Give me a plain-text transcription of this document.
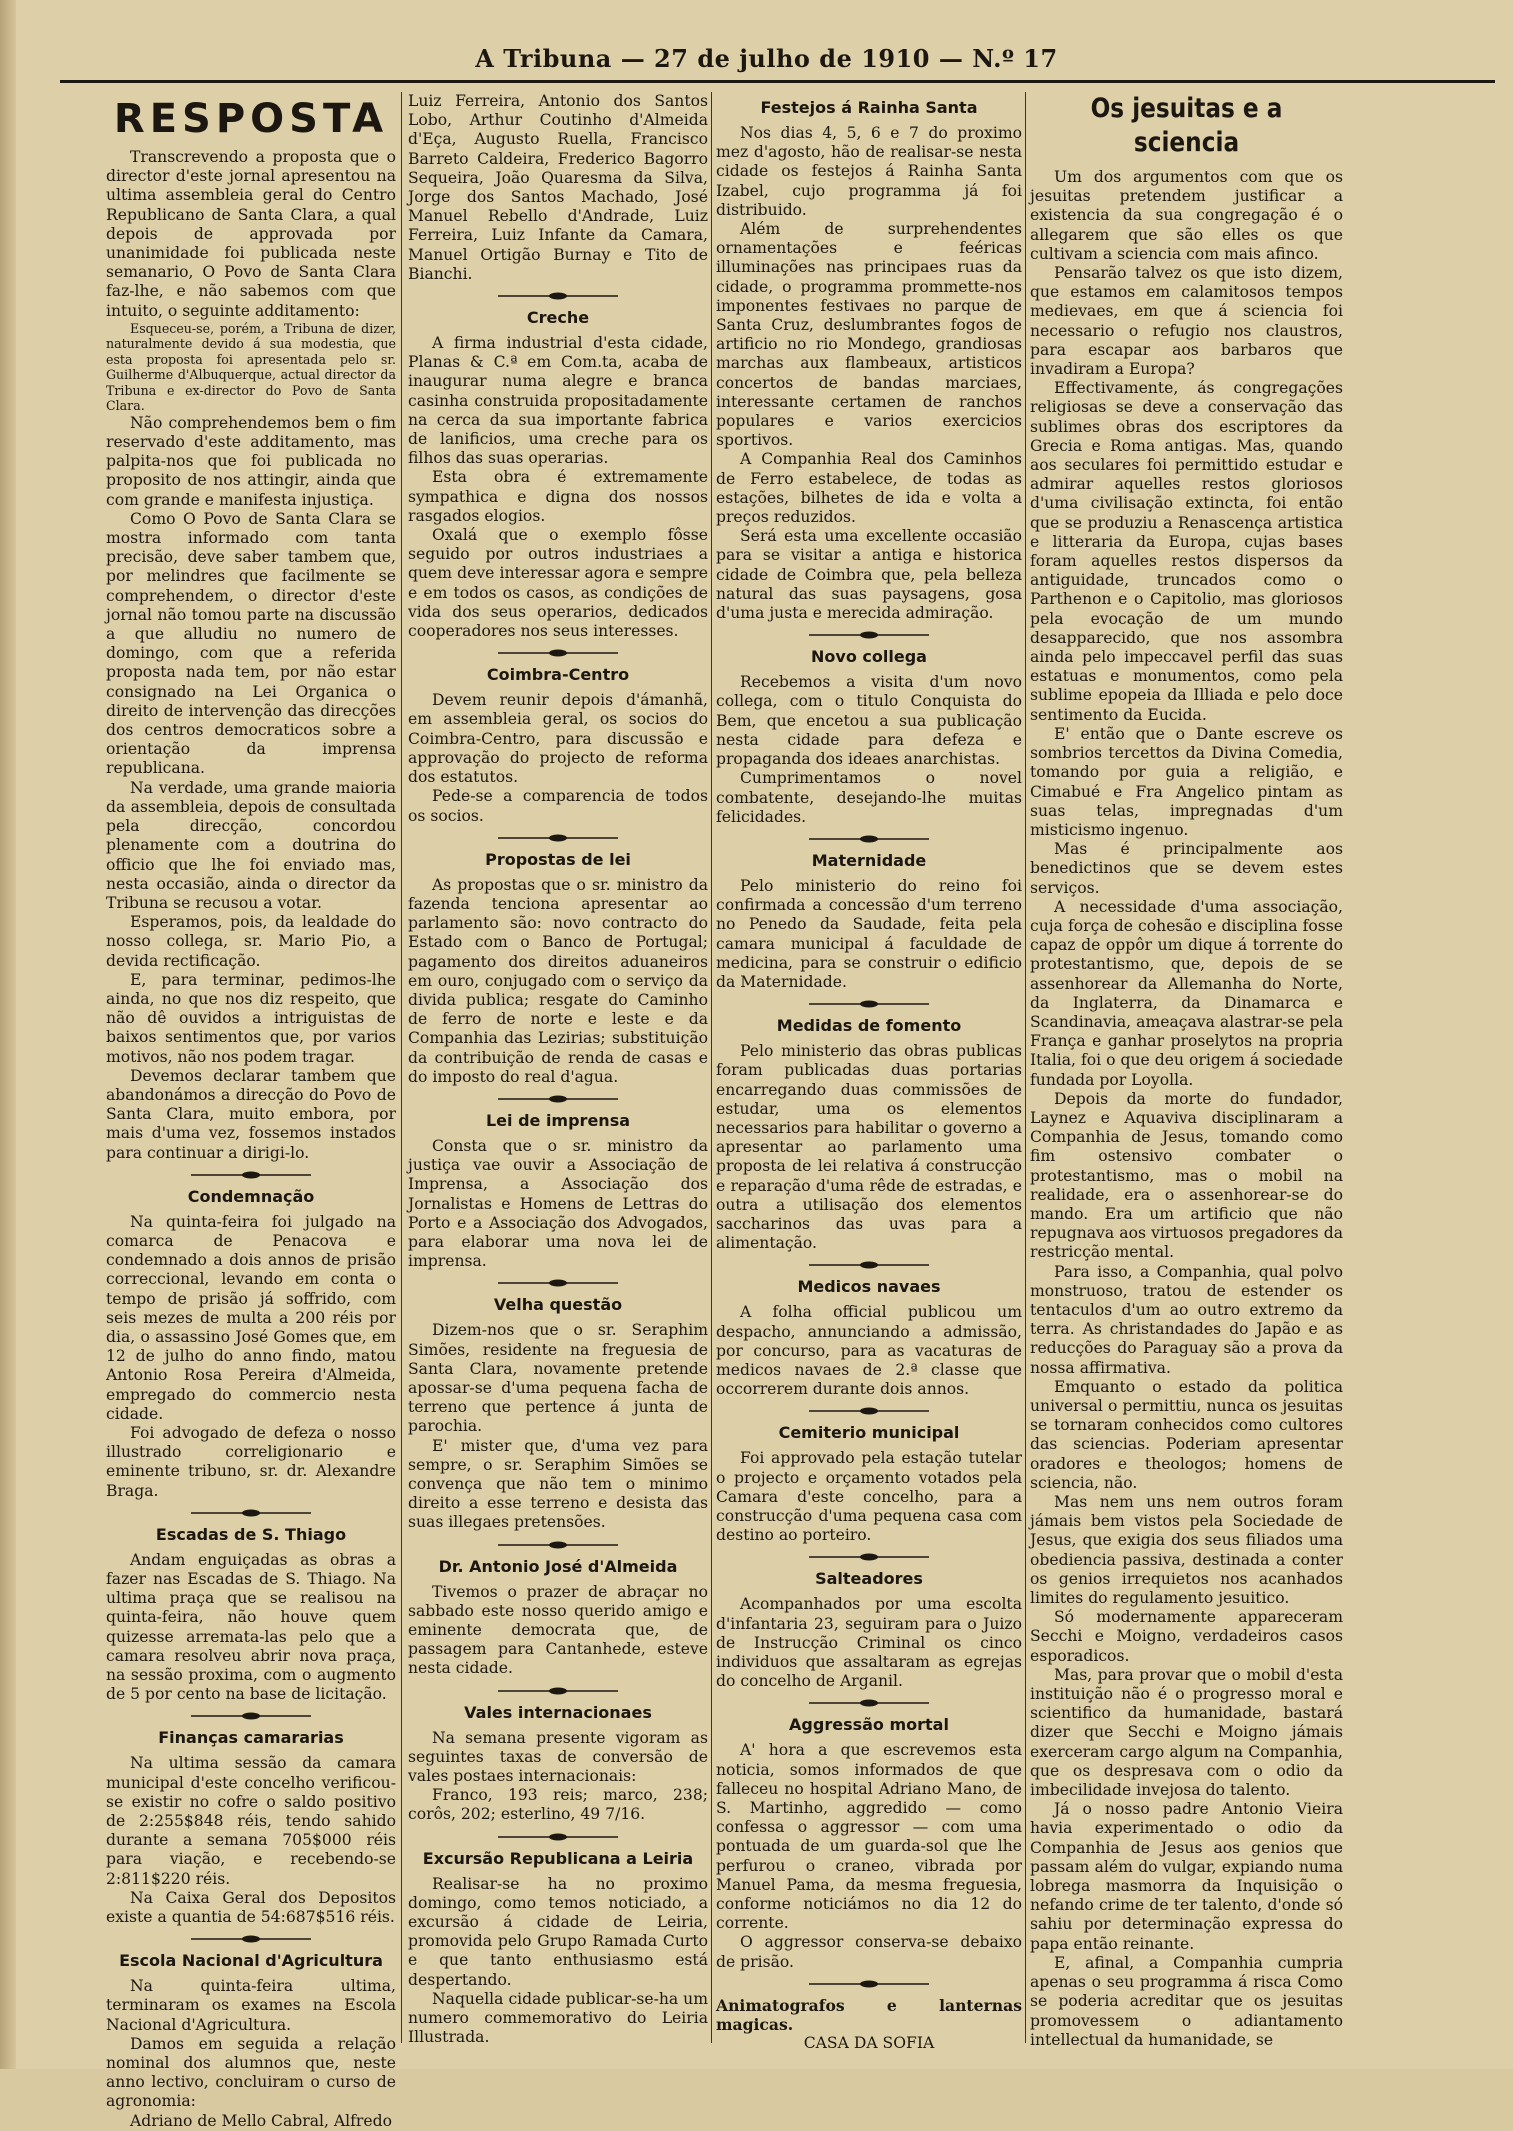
A Tribuna — 27 de julho de 1910 — N.º 17
RESPOSTA

Transcrevendo a proposta que o director d'este jornal apresentou na ultima assembleia geral do Centro Republicano de Santa Clara, a qual depois de approvada por unanimidade foi publicada neste semanario, O Povo de Santa Clara faz-lhe, e não sabemos com que intuito, o seguinte additamento:

Esqueceu-se, porém, a Tribuna de dizer, naturalmente devido á sua modestia, que esta proposta foi apresentada pelo sr. Guilherme d'Albuquerque, actual director da Tribuna e ex-director do Povo de Santa Clara.

Não comprehendemos bem o fim reservado d'este additamento, mas palpita-nos que foi publicada no proposito de nos attingir, ainda que com grande e manifesta injustiça.

Como O Povo de Santa Clara se mostra informado com tanta precisão, deve saber tambem que, por melindres que facilmente se comprehendem, o director d'este jornal não tomou parte na discussão a que alludiu no numero de domingo, com que a referida proposta nada tem, por não estar consignado na Lei Organica o direito de intervenção das direcções dos centros democraticos sobre a orientação da imprensa republicana.

Na verdade, uma grande maioria da assembleia, depois de consultada pela direcção, concordou plenamente com a doutrina do officio que lhe foi enviado mas, nesta occasião, ainda o director da Tribuna se recusou a votar.

Esperamos, pois, da lealdade do nosso collega, sr. Mario Pio, a devida rectificação.

E, para terminar, pedimos-lhe ainda, no que nos diz respeito, que não dê ouvidos a intriguistas de baixos sentimentos que, por varios motivos, não nos podem tragar.

Devemos declarar tambem que abandonámos a direcção do Povo de Santa Clara, muito embora, por mais d'uma vez, fossemos instados para continuar a dirigi-lo.

Condemnação

Na quinta-feira foi julgado na comarca de Penacova e condemnado a dois annos de prisão correccional, levando em conta o tempo de prisão já soffrido, com seis mezes de multa a 200 réis por dia, o assassino José Gomes que, em 12 de julho do anno findo, matou Antonio Rosa Pereira d'Almeida, empregado do commercio nesta cidade.

Foi advogado de defeza o nosso illustrado correligionario e eminente tribuno, sr. dr. Alexandre Braga.

Escadas de S. Thiago

Andam enguiçadas as obras a fazer nas Escadas de S. Thiago. Na ultima praça que se realisou na quinta-feira, não houve quem quizesse arremata-las pelo que a camara resolveu abrir nova praça, na sessão proxima, com o augmento de 5 por cento na base de licitação.

Finanças camararias

Na ultima sessão da camara municipal d'este concelho verificou-se existir no cofre o saldo positivo de 2:255$848 réis, tendo sahido durante a semana 705$000 réis para viação, e recebendo-se 2:811$220 réis.

Na Caixa Geral dos Depositos existe a quantia de 54:687$516 réis.

Escola Nacional d'Agricultura

Na quinta-feira ultima, terminaram os exames na Escola Nacional d'Agricultura.

Damos em seguida a relação nominal dos alumnos que, neste anno lectivo, concluiram o curso de agronomia:

Adriano de Mello Cabral, Alfredo

Luiz Ferreira, Antonio dos Santos Lobo, Arthur Coutinho d'Almeida d'Eça, Augusto Ruella, Francisco Barreto Caldeira, Frederico Bagorro Sequeira, João Quaresma da Silva, Jorge dos Santos Machado, José Manuel Rebello d'Andrade, Luiz Ferreira, Luiz Infante da Camara, Manuel Ortigão Burnay e Tito de Bianchi.

Creche

A firma industrial d'esta cidade, Planas & C.ª em Com.ta, acaba de inaugurar numa alegre e branca casinha construida propositadamente na cerca da sua importante fabrica de lanificios, uma creche para os filhos das suas operarias.

Esta obra é extremamente sympathica e digna dos nossos rasgados elogios.

Oxalá que o exemplo fôsse seguido por outros industriaes a quem deve interessar agora e sempre e em todos os casos, as condições de vida dos seus operarios, dedicados cooperadores nos seus interesses.

Coimbra-Centro

Devem reunir depois d'ámanhã, em assembleia geral, os socios do Coimbra-Centro, para discussão e approvação do projecto de reforma dos estatutos.

Pede-se a comparencia de todos os socios.

Propostas de lei

As propostas que o sr. ministro da fazenda tenciona apresentar ao parlamento são: novo contracto do Estado com o Banco de Portugal; pagamento dos direitos aduaneiros em ouro, conjugado com o serviço da divida publica; resgate do Caminho de ferro de norte e leste e da Companhia das Lezirias; substituição da contribuição de renda de casas e do imposto do real d'agua.

Lei de imprensa

Consta que o sr. ministro da justiça vae ouvir a Associação de Imprensa, a Associação dos Jornalistas e Homens de Lettras do Porto e a Associação dos Advogados, para elaborar uma nova lei de imprensa.

Velha questão

Dizem-nos que o sr. Seraphim Simões, residente na freguesia de Santa Clara, novamente pretende apossar-se d'uma pequena facha de terreno que pertence á junta de parochia.

E' mister que, d'uma vez para sempre, o sr. Seraphim Simões se convença que não tem o minimo direito a esse terreno e desista das suas illegaes pretensões.

Dr. Antonio José d'Almeida

Tivemos o prazer de abraçar no sabbado este nosso querido amigo e eminente democrata que, de passagem para Cantanhede, esteve nesta cidade.

Vales internacionaes

Na semana presente vigoram as seguintes taxas de conversão de vales postaes internacionais:

Franco, 193 reis; marco, 238; corôs, 202; esterlino, 49 7/16.

Excursão Republicana a Leiria

Realisar-se ha no proximo domingo, como temos noticiado, a excursão á cidade de Leiria, promovida pelo Grupo Ramada Curto e que tanto enthusiasmo está despertando.

Naquella cidade publicar-se-ha um numero commemorativo do Leiria Illustrada.

Festejos á Rainha Santa

Nos dias 4, 5, 6 e 7 do proximo mez d'agosto, hão de realisar-se nesta cidade os festejos á Rainha Santa Izabel, cujo programma já foi distribuido.

Além de surprehendentes ornamentações e feéricas illuminações nas principaes ruas da cidade, o programma prommette-nos imponentes festivaes no parque de Santa Cruz, deslumbrantes fogos de artificio no rio Mondego, grandiosas marchas aux flambeaux, artisticos concertos de bandas marciaes, interessante certamen de ranchos populares e varios exercicios sportivos.

A Companhia Real dos Caminhos de Ferro estabelece, de todas as estações, bilhetes de ida e volta a preços reduzidos.

Será esta uma excellente occasião para se visitar a antiga e historica cidade de Coimbra que, pela belleza natural das suas paysagens, gosa d'uma justa e merecida admiração.

Novo collega

Recebemos a visita d'um novo collega, com o titulo Conquista do Bem, que encetou a sua publicação nesta cidade para defeza e propaganda dos ideaes anarchistas.

Cumprimentamos o novel combatente, desejando-lhe muitas felicidades.

Maternidade

Pelo ministerio do reino foi confirmada a concessão d'um terreno no Penedo da Saudade, feita pela camara municipal á faculdade de medicina, para se construir o edificio da Maternidade.

Medidas de fomento

Pelo ministerio das obras publicas foram publicadas duas portarias encarregando duas commissões de estudar, uma os elementos necessarios para habilitar o governo a apresentar ao parlamento uma proposta de lei relativa á construcção e reparação d'uma rêde de estradas, e outra a utilisação dos elementos saccharinos das uvas para a alimentação.

Medicos navaes

A folha official publicou um despacho, annunciando a admissão, por concurso, para as vacaturas de medicos navaes de 2.ª classe que occorrerem durante dois annos.

Cemiterio municipal

Foi approvado pela estação tutelar o projecto e orçamento votados pela Camara d'este concelho, para a construcção d'uma pequena casa com destino ao porteiro.

Salteadores

Acompanhados por uma escolta d'infantaria 23, seguiram para o Juizo de Instrucção Criminal os cinco individuos que assaltaram as egrejas do concelho de Arganil.

Aggressão mortal

A' hora a que escrevemos esta noticia, somos informados de que falleceu no hospital Adriano Mano, de S. Martinho, aggredido — como confessa o aggressor — com uma pontuada de um guarda-sol que lhe perfurou o craneo, vibrada por Manuel Pama, da mesma freguesia, conforme noticiámos no dia 12 do corrente.

O aggressor conserva-se debaixo de prisão.

Animatografos e lanternas magicas.

CASA DA SOFIA

Os jesuitas e a sciencia

Um dos argumentos com que os jesuitas pretendem justificar a existencia da sua congregação é o allegarem que são elles os que cultivam a sciencia com mais afinco.

Pensarão talvez os que isto dizem, que estamos em calamitosos tempos medievaes, em que á sciencia foi necessario o refugio nos claustros, para escapar aos barbaros que invadiram a Europa?

Effectivamente, ás congregações religiosas se deve a conservação das sublimes obras dos escriptores da Grecia e Roma antigas. Mas, quando aos seculares foi permittido estudar e admirar aquelles restos gloriosos d'uma civilisação extincta, foi então que se produziu a Renascença artistica e litteraria da Europa, cujas bases foram aquelles restos dispersos da antiguidade, truncados como o Parthenon e o Capitolio, mas gloriosos pela evocação de um mundo desapparecido, que nos assombra ainda pelo impeccavel perfil das suas estatuas e monumentos, como pela sublime epopeia da Illiada e pelo doce sentimento da Eucida.

E' então que o Dante escreve os sombrios tercettos da Divina Comedia, tomando por guia a religião, e Cimabué e Fra Angelico pintam as suas telas, impregnadas d'um misticismo ingenuo.

Mas é principalmente aos benedictinos que se devem estes serviços.

A necessidade d'uma associação, cuja força de cohesão e disciplina fosse capaz de oppôr um dique á torrente do protestantismo, que, depois de se assenhorear da Allemanha do Norte, da Inglaterra, da Dinamarca e Scandinavia, ameaçava alastrar-se pela França e ganhar proselytos na propria Italia, foi o que deu origem á sociedade fundada por Loyolla.

Depois da morte do fundador, Laynez e Aquaviva disciplinaram a Companhia de Jesus, tomando como fim ostensivo combater o protestantismo, mas o mobil na realidade, era o assenhorear-se do mando. Era um artificio que não repugnava aos virtuosos pregadores da restricção mental.

Para isso, a Companhia, qual polvo monstruoso, tratou de estender os tentaculos d'um ao outro extremo da terra. As christandades do Japão e as reducções do Paraguay são a prova da nossa affirmativa.

Emquanto o estado da politica universal o permittiu, nunca os jesuitas se tornaram conhecidos como cultores das sciencias. Poderiam apresentar oradores e theologos; homens de sciencia, não.

Mas nem uns nem outros foram jámais bem vistos pela Sociedade de Jesus, que exigia dos seus filiados uma obediencia passiva, destinada a conter os genios irrequietos nos acanhados limites do regulamento jesuitico.

Só modernamente appareceram Secchi e Moigno, verdadeiros casos esporadicos.

Mas, para provar que o mobil d'esta instituição não é o progresso moral e scientifico da humanidade, bastará dizer que Secchi e Moigno jámais exerceram cargo algum na Companhia, que os despresava com o odio da imbecilidade invejosa do talento.

Já o nosso padre Antonio Vieira havia experimentado o odio da Companhia de Jesus aos genios que passam além do vulgar, expiando numa lobrega masmorra da Inquisição o nefando crime de ter talento, d'onde só sahiu por determinação expressa do papa então reinante.

E, afinal, a Companhia cumpria apenas o seu programma á risca Como se poderia acreditar que os jesuitas promovessem o adiantamento intellectual da humanidade, se
